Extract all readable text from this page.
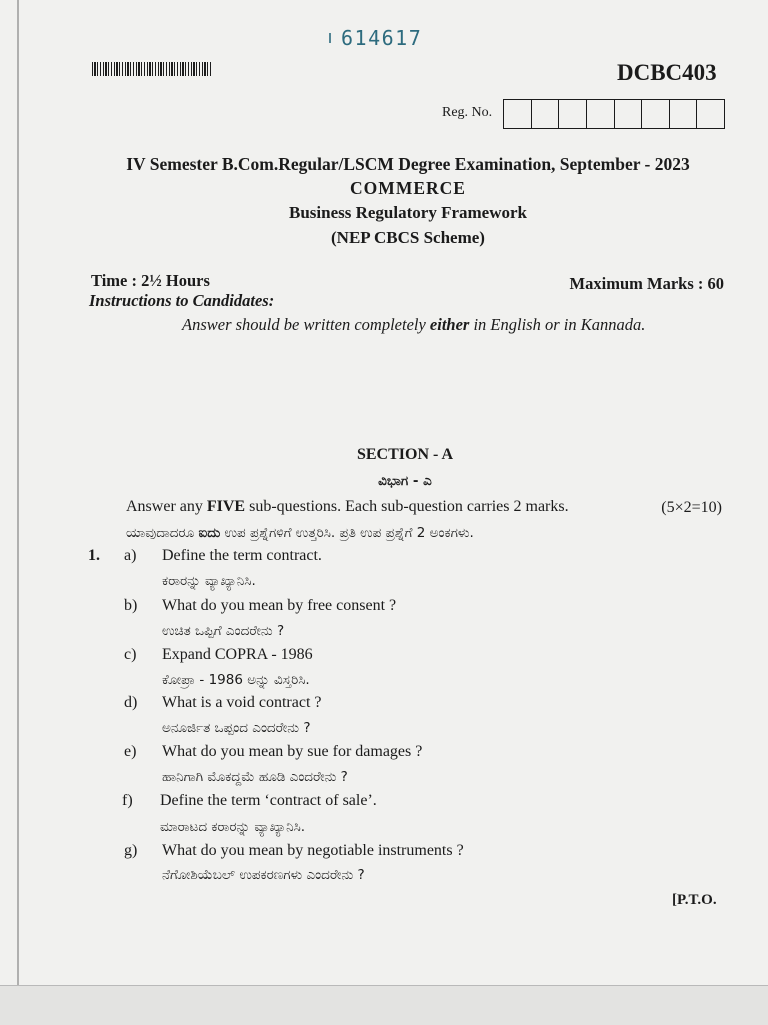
614617
DCBC403
Reg. No.
IV Semester B.Com.Regular/LSCM Degree Examination, September - 2023
COMMERCE
Business Regulatory Framework
(NEP CBCS Scheme)
Time : 2½ Hours	Maximum Marks : 60
Instructions to Candidates:
Answer should be written completely either in English or in Kannada.
SECTION - A
ವಿಭಾಗ - ಎ
Answer any FIVE sub-questions. Each sub-question carries 2 marks.	(5×2=10)
ಯಾವುದಾದರೂ ಐದು ಉಪ ಪ್ರಶ್ನೆಗಳಿಗೆ ಉತ್ತರಿಸಿ. ಪ್ರತಿ ಉಪ ಪ್ರಶ್ನೆಗೆ 2 ಅಂಕಗಳು.
1. a) Define the term contract.
ಕರಾರನ್ನು ವ್ಯಾಖ್ಯಾನಿಸಿ.
b) What do you mean by free consent ?
ಉಚಿತ ಒಪ್ಪಿಗೆ ಎಂದರೇನು ?
c) Expand COPRA - 1986
ಕೋಪ್ರಾ - 1986 ಅನ್ನು ವಿಸ್ತರಿಸಿ.
d) What is a void contract ?
ಅನೂರ್ಜಿತ ಒಪ್ಪಂದ ಎಂದರೇನು ?
e) What do you mean by sue for damages ?
ಹಾನಿಗಾಗಿ ಮೊಕದ್ದಮೆ ಹೂಡಿ ಎಂದರೇನು ?
f) Define the term ‘contract of sale’.
ಮಾರಾಟದ ಕರಾರನ್ನು ವ್ಯಾಖ್ಯಾನಿಸಿ.
g) What do you mean by negotiable instruments ?
ನೆಗೋಶಿಯೆಬಲ್ ಉಪಕರಣಗಳು ಎಂದರೇನು ?
[P.T.O.
